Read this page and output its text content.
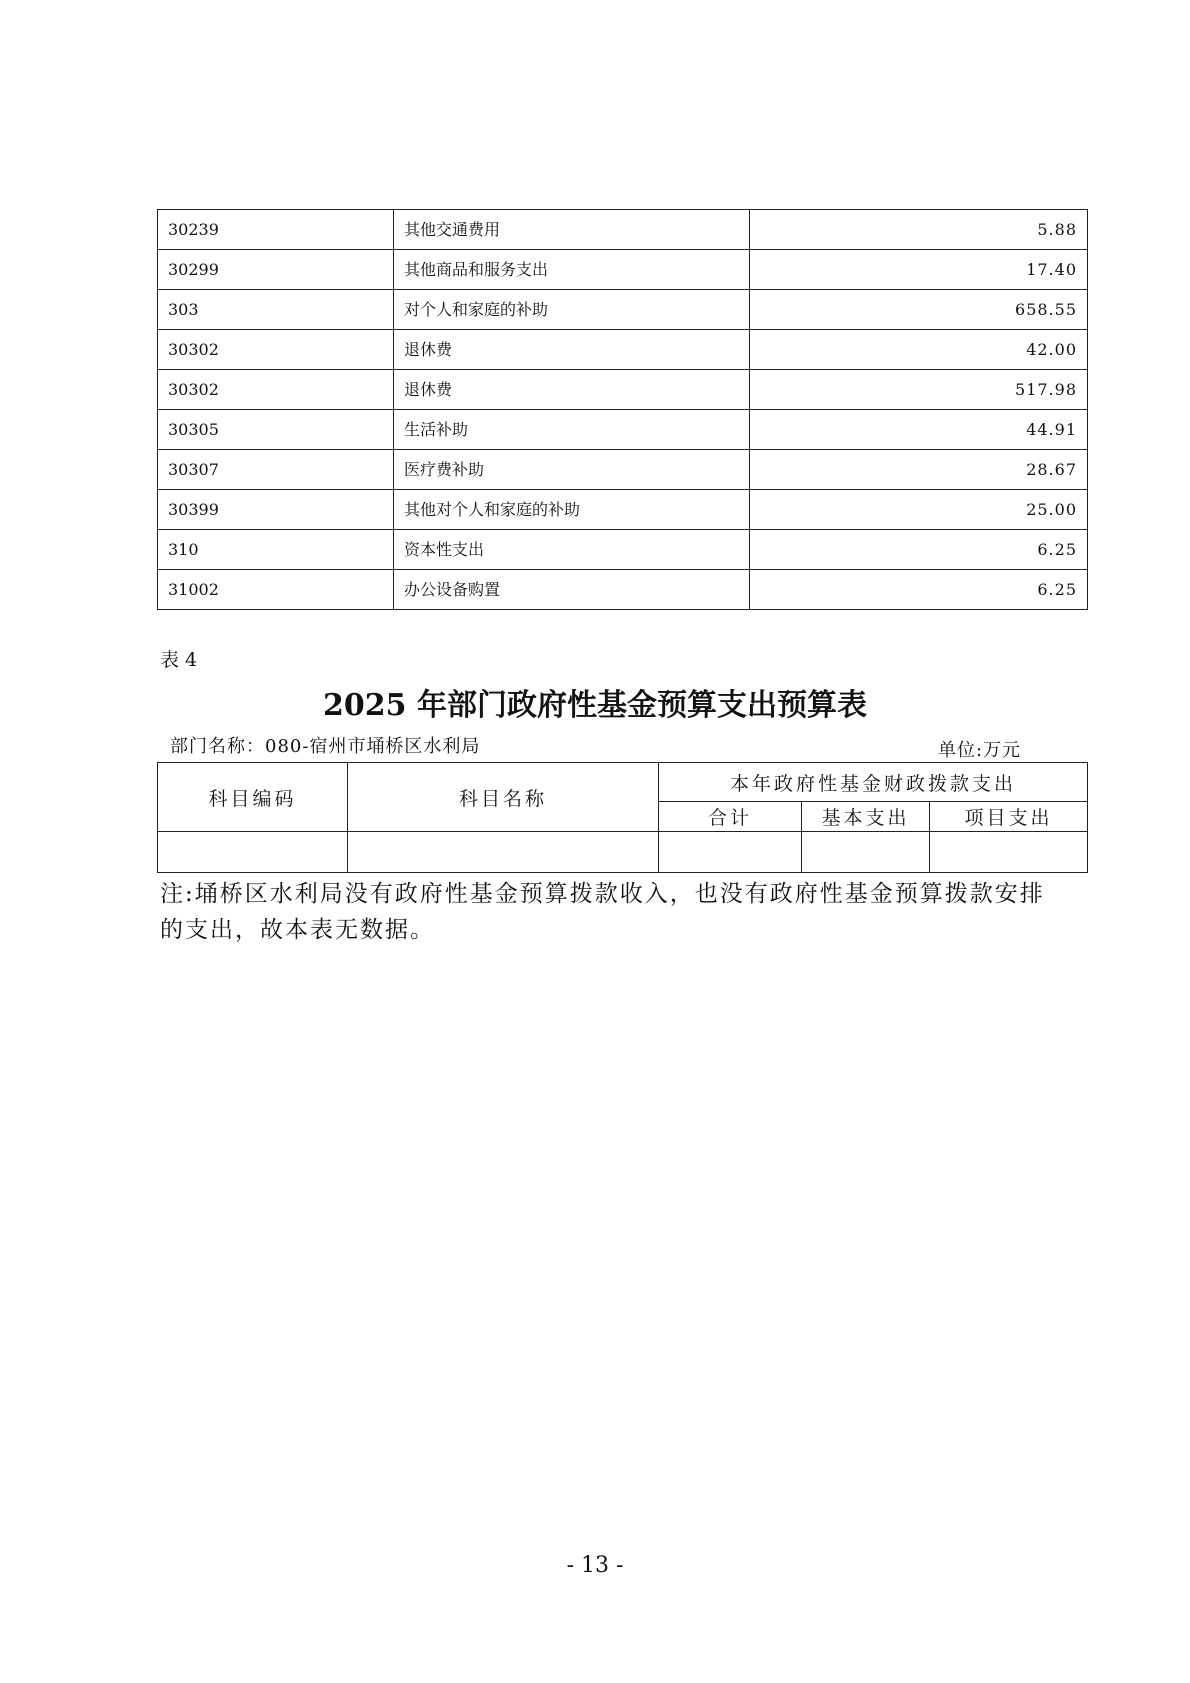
30239	其他交通费用	5.88
30299	其他商品和服务支出	17.40
303	对个人和家庭的补助	658.55
30302	退休费	42.00
30302	退休费	517.98
30305	生活补助	44.91
30307	医疗费补助	28.67
30399	其他对个人和家庭的补助	25.00
310	资本性支出	6.25
31002	办公设备购置	6.25
表 4
2025 年部门政府性基金预算支出预算表
部门名称：080-宿州市埇桥区水利局	单位:万元
科目编码	科目名称	本年政府性基金财政拨款支出		
		合计	基本支出	项目支出

注:埇桥区水利局没有政府性基金预算拨款收入，也没有政府性基金预算拨款安排的支出，故本表无数据。
- 13 -
